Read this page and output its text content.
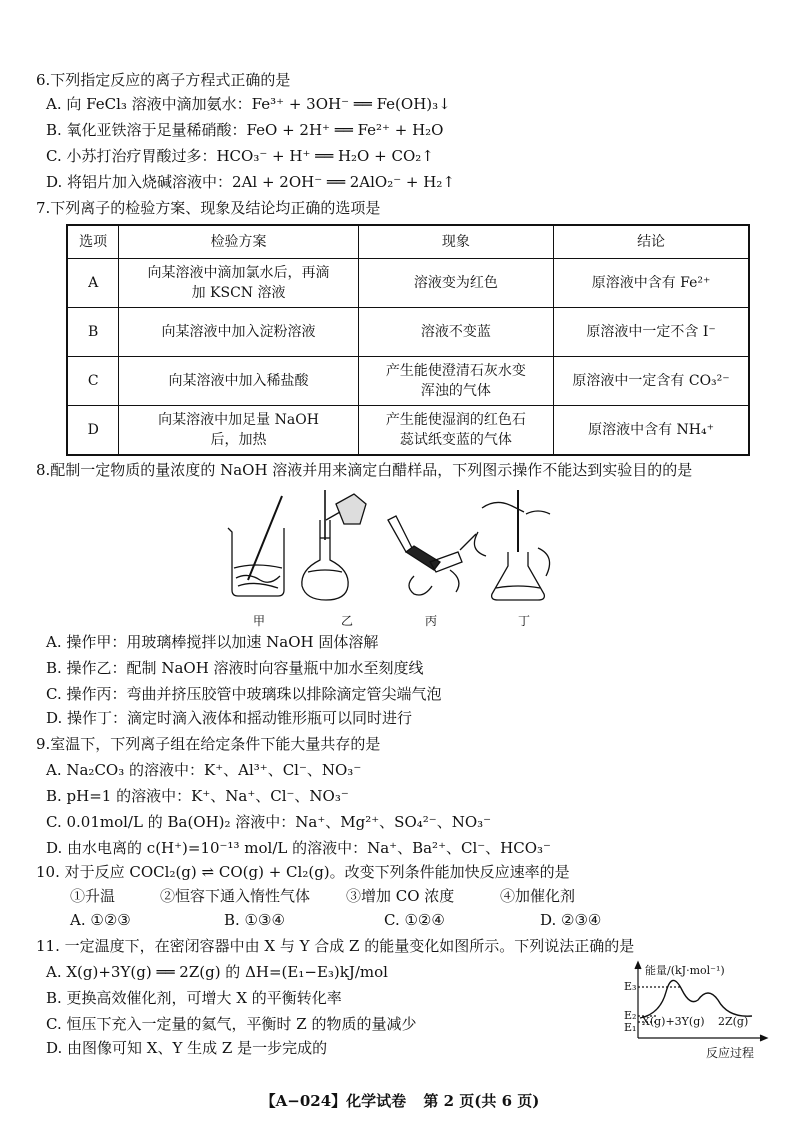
6.下列指定反应的离子方程式正确的是
A. 向 FeCl₃ 溶液中滴加氨水：Fe³⁺ + 3OH⁻ ══ Fe(OH)₃↓
B. 氧化亚铁溶于足量稀硝酸：FeO + 2H⁺ ══ Fe²⁺ + H₂O
C. 小苏打治疗胃酸过多：HCO₃⁻ + H⁺ ══ H₂O + CO₂↑
D. 将铝片加入烧碱溶液中：2Al + 2OH⁻ ══ 2AlO₂⁻ + H₂↑
7.下列离子的检验方案、现象及结论均正确的选项是
选项	检验方案	现象	结论
A	向某溶液中滴加氯水后，再滴加 KSCN 溶液	溶液变为红色	原溶液中含有 Fe²⁺
B	向某溶液中加入淀粉溶液	溶液不变蓝	原溶液中一定不含 I⁻
C	向某溶液中加入稀盐酸	产生能使澄清石灰水变浑浊的气体	原溶液中一定含有 CO₃²⁻
D	向某溶液中加足量 NaOH 后，加热	产生能使湿润的红色石蕊试纸变蓝的气体	原溶液中含有 NH₄⁺
8.配制一定物质的量浓度的 NaOH 溶液并用来滴定白醋样品，下列图示操作不能达到实验目的的是
甲	乙	丙	丁
A. 操作甲：用玻璃棒搅拌以加速 NaOH 固体溶解
B. 操作乙：配制 NaOH 溶液时向容量瓶中加水至刻度线
C. 操作丙：弯曲并挤压胶管中玻璃珠以排除滴定管尖端气泡
D. 操作丁：滴定时滴入液体和摇动锥形瓶可以同时进行
9.室温下，下列离子组在给定条件下能大量共存的是
A. Na₂CO₃ 的溶液中：K⁺、Al³⁺、Cl⁻、NO₃⁻
B. pH=1 的溶液中：K⁺、Na⁺、Cl⁻、NO₃⁻
C. 0.01mol/L 的 Ba(OH)₂ 溶液中：Na⁺、Mg²⁺、SO₄²⁻、NO₃⁻
D. 由水电离的 c(H⁺)=10⁻¹³ mol/L 的溶液中：Na⁺、Ba²⁺、Cl⁻、HCO₃⁻
10. 对于反应 COCl₂(g) ⇌ CO(g) + Cl₂(g)。改变下列条件能加快反应速率的是
①升温	②恒容下通入惰性气体 ③增加 CO 浓度	④加催化剂
A. ①②③	B. ①③④	C. ①②④	D. ②③④
11. 一定温度下，在密闭容器中由 X 与 Y 合成 Z 的能量变化如图所示。下列说法正确的是
A. X(g)+3Y(g) ══ 2Z(g) 的 ΔH=(E₁−E₃)kJ/mol
B. 更换高效催化剂，可增大 X 的平衡转化率
C. 恒压下充入一定量的氦气，平衡时 Z 的物质的量减少
D. 由图像可知 X、Y 生成 Z 是一步完成的
能量/(kJ·mol⁻¹)
E₃
E₂
E₁ X(g)+3Y(g) 2Z(g)
反应过程
【A−024】化学试卷 第 2 页(共 6 页)
